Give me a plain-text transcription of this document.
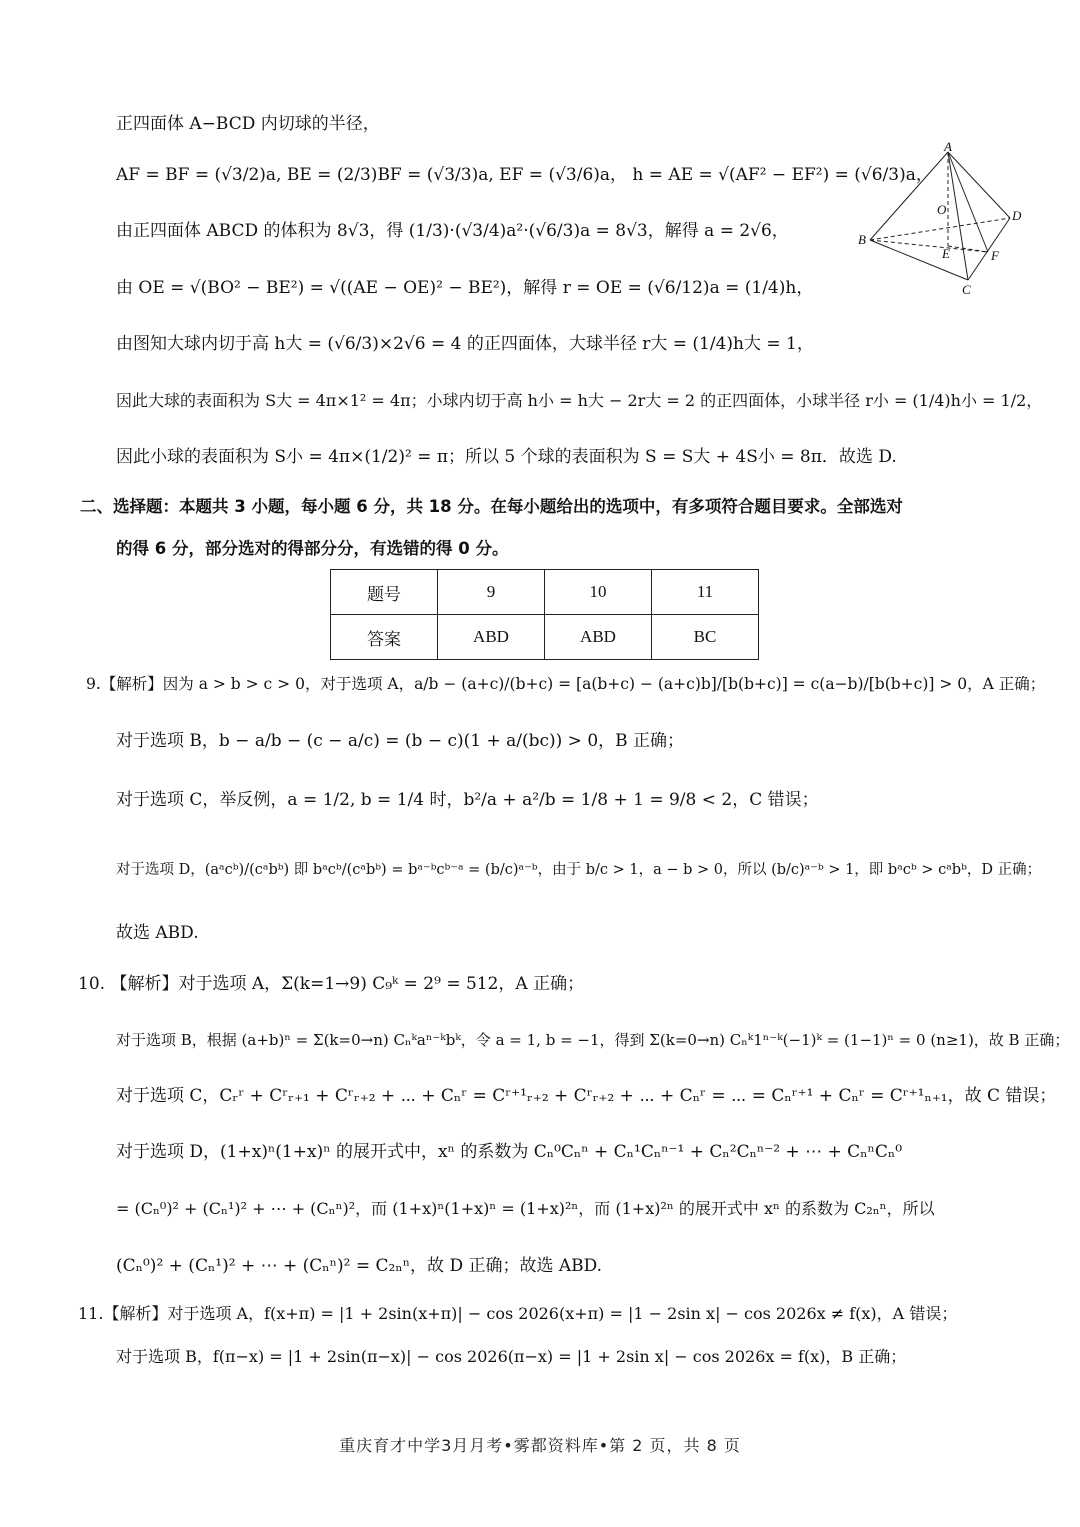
正四面体 A−BCD 内切球的半径，
AF = BF = (√3/2)a, BE = (2/3)BF = (√3/3)a, EF = (√3/6)a， h = AE = √(AF² − EF²) = (√6/3)a，
由正四面体 ABCD 的体积为 8√3，得 (1/3)·(√3/4)a²·(√6/3)a = 8√3，解得 a = 2√6，
由 OE = √(BO² − BE²) = √((AE − OE)² − BE²)，解得 r = OE = (√6/12)a = (1/4)h，
由图知大球内切于高 h大 = (√6/3)×2√6 = 4 的正四面体，大球半径 r大 = (1/4)h大 = 1，
因此大球的表面积为 S大 = 4π×1² = 4π；小球内切于高 h小 = h大 − 2r大 = 2 的正四面体，小球半径 r小 = (1/4)h小 = 1/2，
因此小球的表面积为 S小 = 4π×(1/2)² = π；所以 5 个球的表面积为 S = S大 + 4S小 = 8π．故选 D.
A
B
C
D
O
E	F
二、选择题：本题共 3 小题，每小题 6 分，共 18 分。在每小题给出的选项中，有多项符合题目要求。全部选对
的得 6 分，部分选对的得部分分，有选错的得 0 分。
题号	9	10	11
答案	ABD	ABD	BC
9.【解析】因为 a > b > c > 0，对于选项 A，a/b − (a+c)/(b+c) = [a(b+c) − (a+c)b]/[b(b+c)] = c(a−b)/[b(b+c)] > 0，A 正确；
对于选项 B，b − a/b − (c − a/c) = (b − c)(1 + a/(bc)) > 0，B 正确；
对于选项 C，举反例，a = 1/2, b = 1/4 时，b²/a + a²/b = 1/8 + 1 = 9/8 < 2，C 错误；
对于选项 D，(aᵃcᵇ)/(cᵃbᵇ) 即 bᵃcᵇ/(cᵃbᵇ) = bᵃ⁻ᵇcᵇ⁻ᵃ = (b/c)ᵃ⁻ᵇ，由于 b/c > 1，a − b > 0，所以 (b/c)ᵃ⁻ᵇ > 1，即 bᵃcᵇ > cᵃbᵇ，D 正确；
故选 ABD.
10. 【解析】对于选项 A，Σ(k=1→9) C₉ᵏ = 2⁹ = 512，A 正确；
对于选项 B，根据 (a+b)ⁿ = Σ(k=0→n) Cₙᵏaⁿ⁻ᵏbᵏ，令 a = 1, b = −1，得到 Σ(k=0→n) Cₙᵏ1ⁿ⁻ᵏ(−1)ᵏ = (1−1)ⁿ = 0 (n≥1)，故 B 正确；
对于选项 C，Cᵣʳ + Cʳᵣ₊₁ + Cʳᵣ₊₂ + ⋯ + Cₙʳ = Cʳ⁺¹ᵣ₊₂ + Cʳᵣ₊₂ + ⋯ + Cₙʳ = ⋯ = Cₙʳ⁺¹ + Cₙʳ = Cʳ⁺¹ₙ₊₁，故 C 错误；
对于选项 D，(1+x)ⁿ(1+x)ⁿ 的展开式中，xⁿ 的系数为 Cₙ⁰Cₙⁿ + Cₙ¹Cₙⁿ⁻¹ + Cₙ²Cₙⁿ⁻² + ⋯ + CₙⁿCₙ⁰
= (Cₙ⁰)² + (Cₙ¹)² + ⋯ + (Cₙⁿ)²，而 (1+x)ⁿ(1+x)ⁿ = (1+x)²ⁿ，而 (1+x)²ⁿ 的展开式中 xⁿ 的系数为 C₂ₙⁿ，所以
(Cₙ⁰)² + (Cₙ¹)² + ⋯ + (Cₙⁿ)² = C₂ₙⁿ，故 D 正确；故选 ABD.
11.【解析】对于选项 A，f(x+π) = |1 + 2sin(x+π)| − cos 2026(x+π) = |1 − 2sin x| − cos 2026x ≠ f(x)，A 错误；
对于选项 B，f(π−x) = |1 + 2sin(π−x)| − cos 2026(π−x) = |1 + 2sin x| − cos 2026x = f(x)，B 正确；
重庆育才中学3月月考•雾都资料库•第 2 页，共 8 页
